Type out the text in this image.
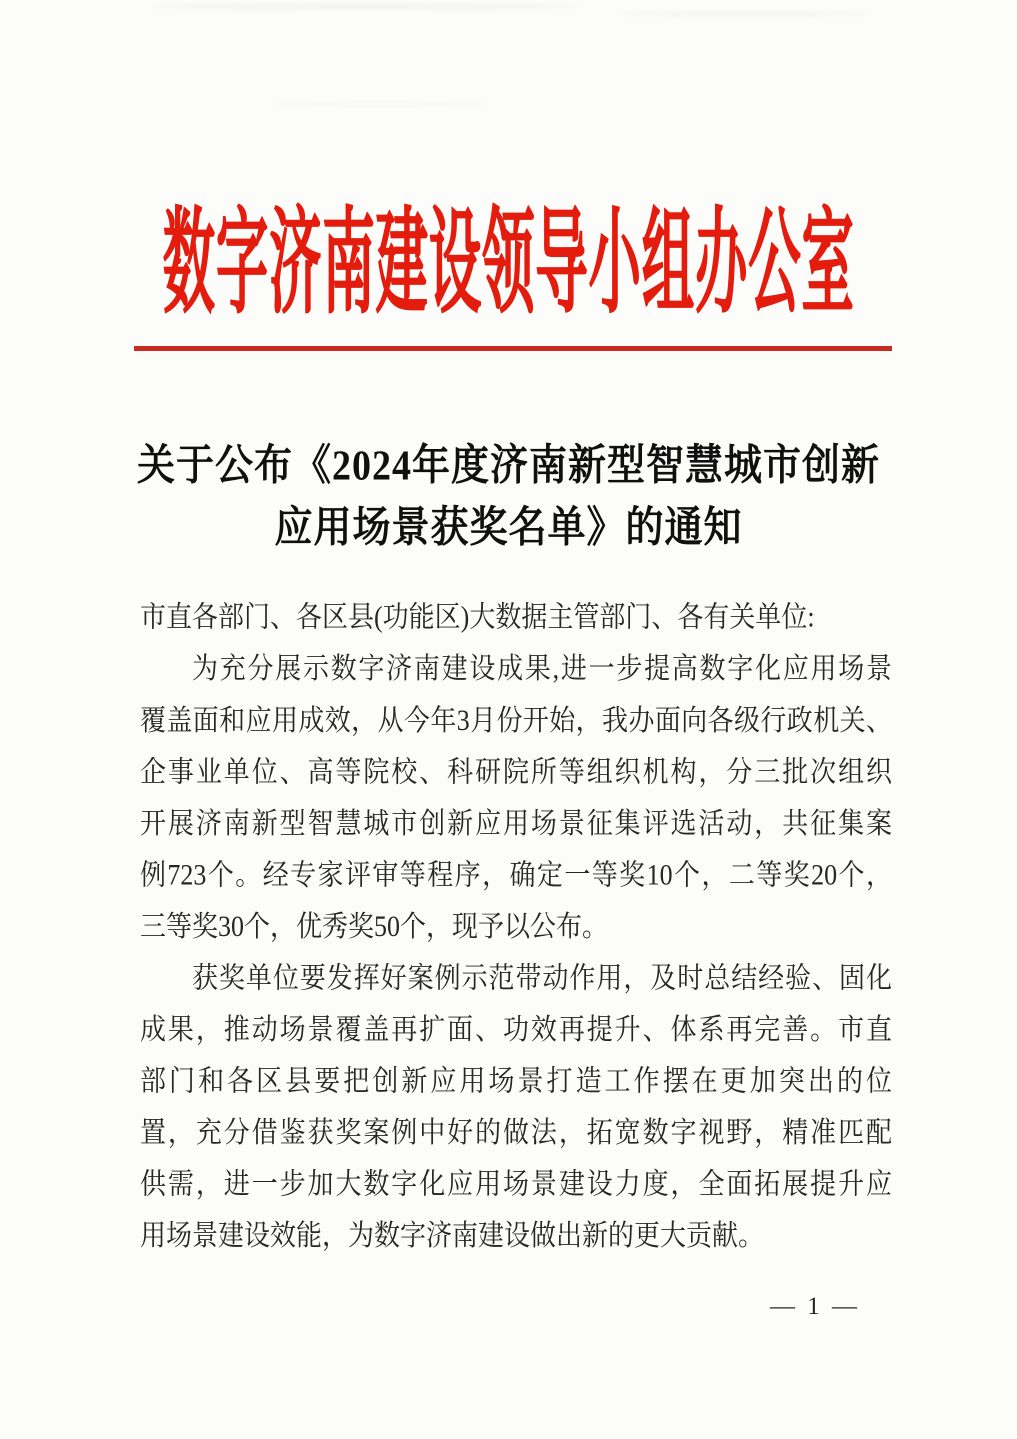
数字济南建设领导小组办公室
关于公布《2024年度济南新型智慧城市创新
应用场景获奖名单》的通知
市直各部门、各区县(功能区)大数据主管部门、各有关单位:
为充分展示数字济南建设成果,进一步提高数字化应用场景
覆盖面和应用成效，从今年3月份开始，我办面向各级行政机关、
企事业单位、高等院校、科研院所等组织机构，分三批次组织
开展济南新型智慧城市创新应用场景征集评选活动，共征集案
例723个。经专家评审等程序，确定一等奖10个，二等奖20个，
三等奖30个，优秀奖50个，现予以公布。
获奖单位要发挥好案例示范带动作用，及时总结经验、固化
成果，推动场景覆盖再扩面、功效再提升、体系再完善。市直
部门和各区县要把创新应用场景打造工作摆在更加突出的位
置，充分借鉴获奖案例中好的做法，拓宽数字视野，精准匹配
供需，进一步加大数字化应用场景建设力度，全面拓展提升应
用场景建设效能，为数字济南建设做出新的更大贡献。
— 1 —
